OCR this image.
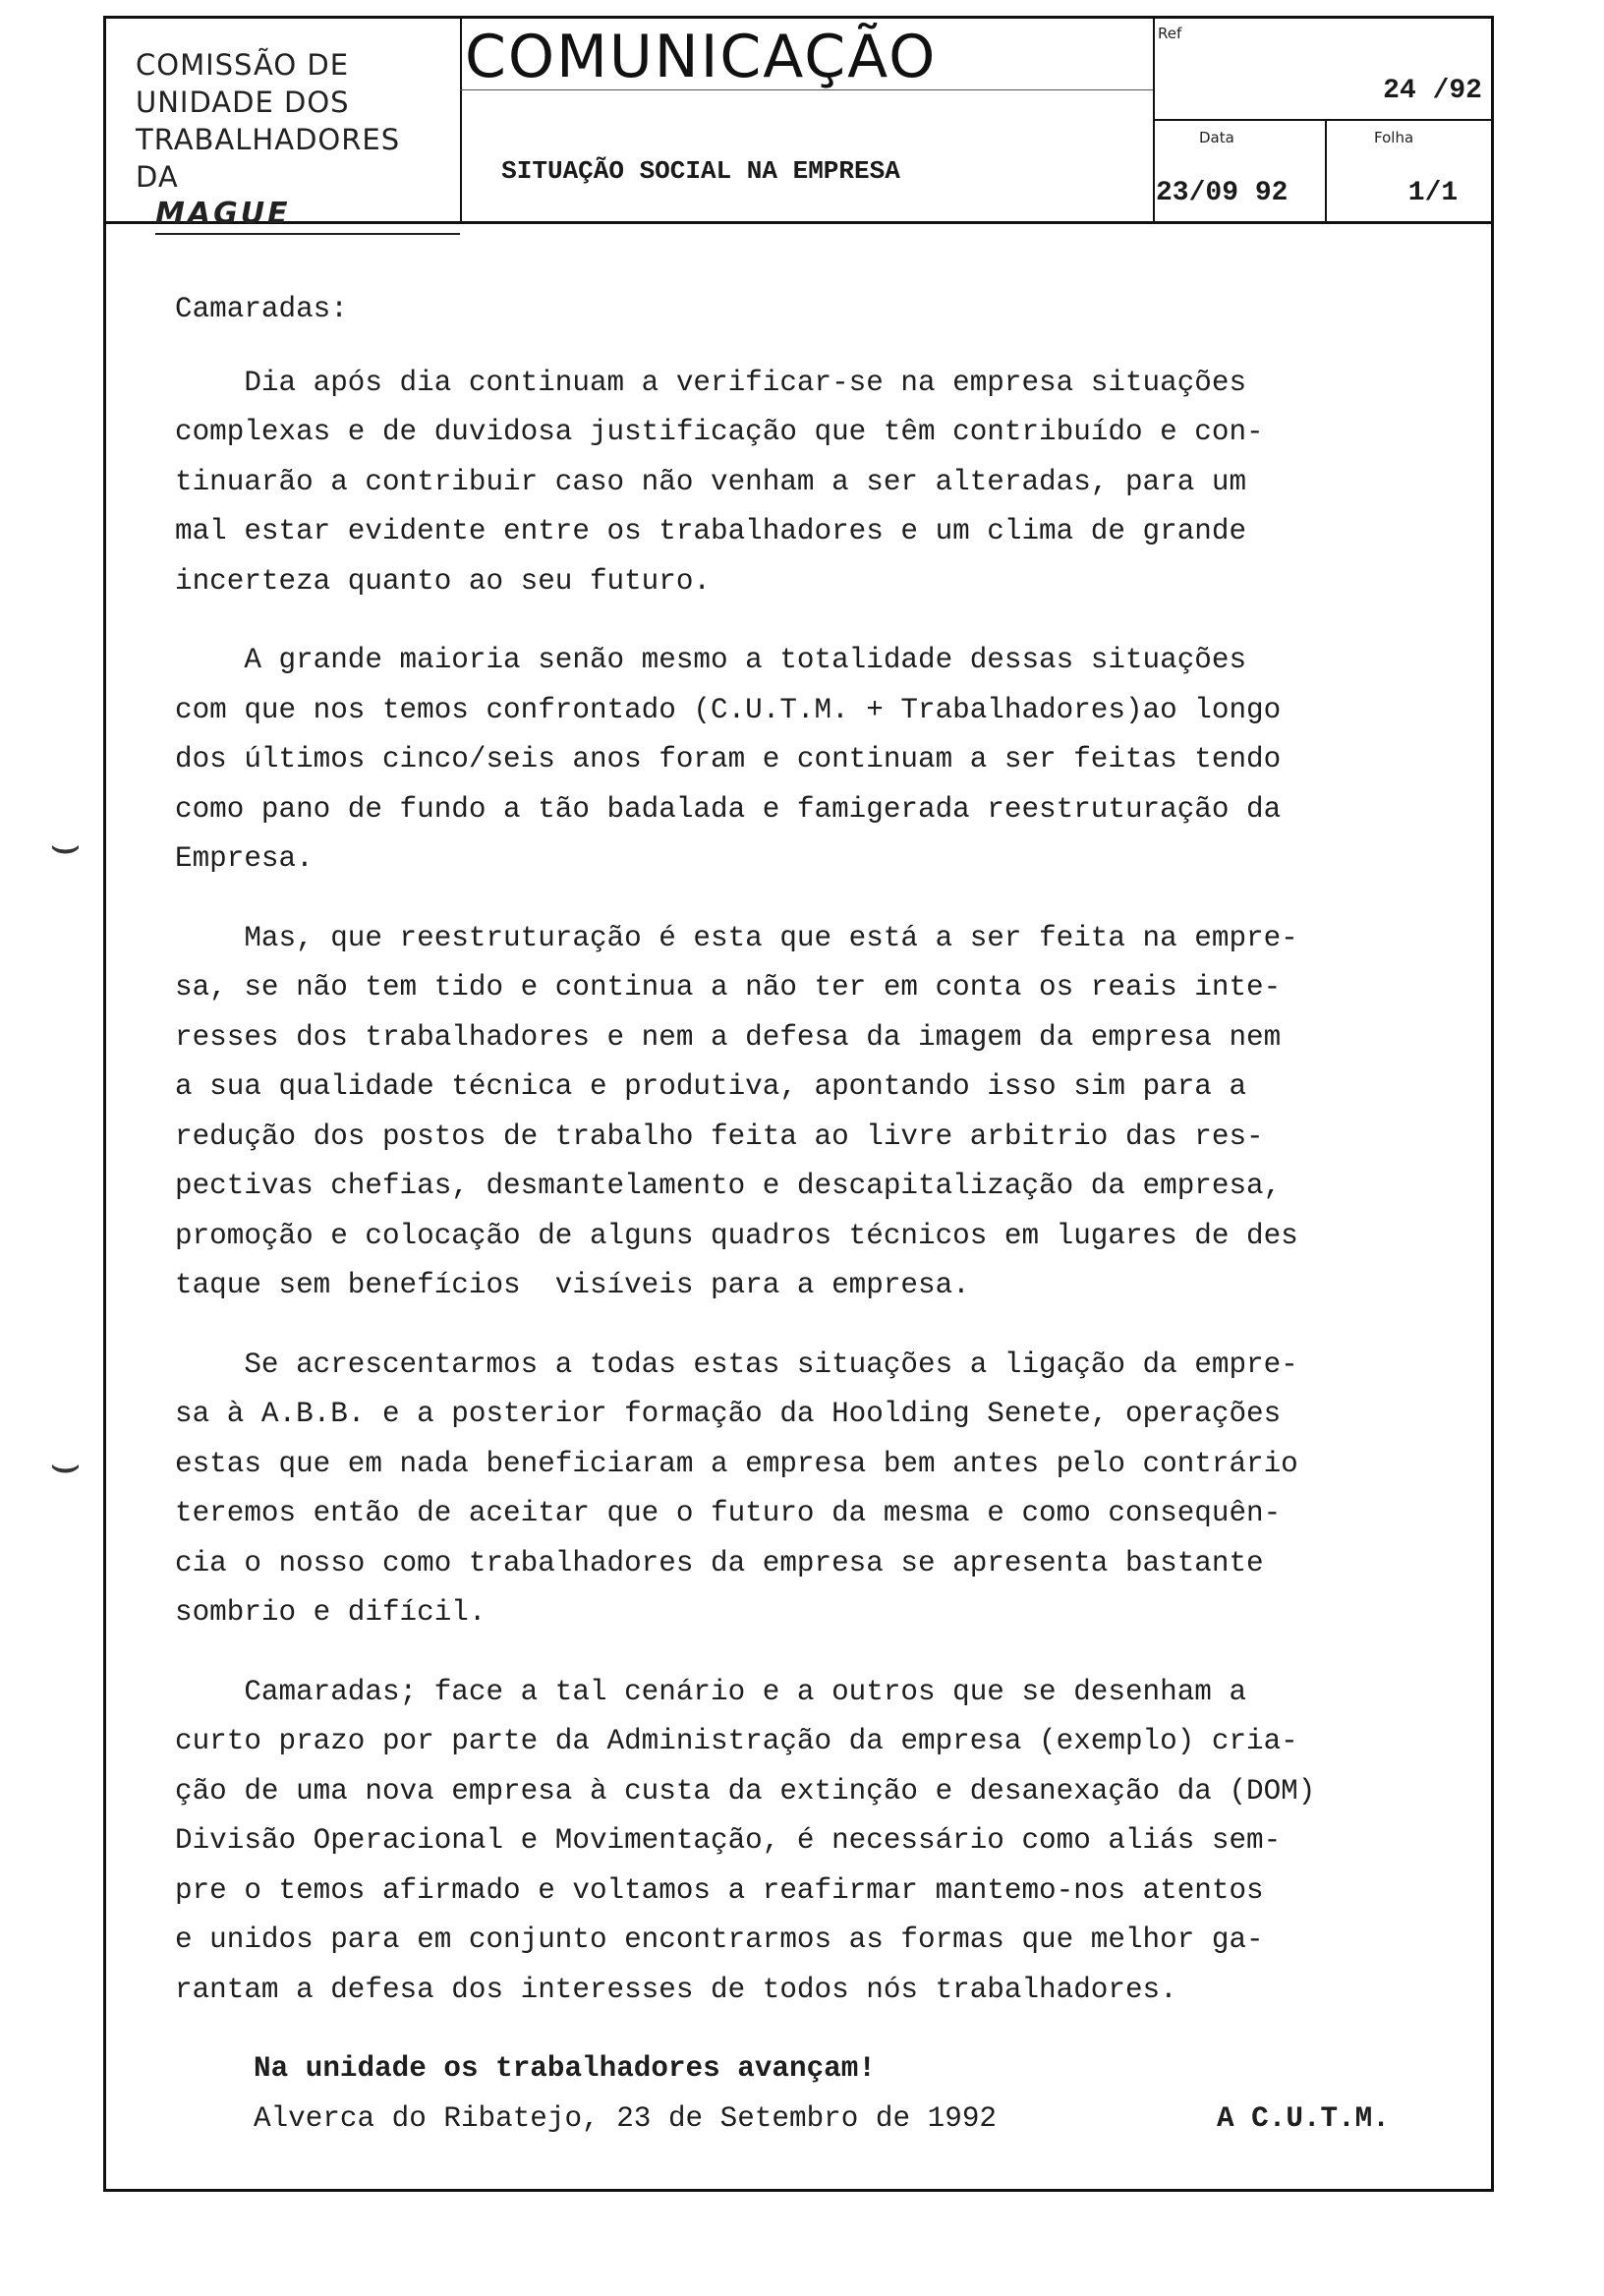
COMISSÃO DE
UNIDADE DOS
TRABALHADORES
DA
MAGUE
COMUNICAÇÃO
SITUAÇÃO SOCIAL NA EMPRESA
Ref
24 /92
Data
23/09 92
Folha
1/1
⌣
⌣
Camaradas:
Dia após dia continuam a verificar-se na empresa situações
complexas e de duvidosa justificação que têm contribuído e con-
tinuarão a contribuir caso não venham a ser alteradas, para um
mal estar evidente entre os trabalhadores e um clima de grande
incerteza quanto ao seu futuro.
A grande maioria senão mesmo a totalidade dessas situações
com que nos temos confrontado (C.U.T.M. + Trabalhadores)ao longo
dos últimos cinco/seis anos foram e continuam a ser feitas tendo
como pano de fundo a tão badalada e famigerada reestruturação da
Empresa.
Mas, que reestruturação é esta que está a ser feita na empre-
sa, se não tem tido e continua a não ter em conta os reais inte-
resses dos trabalhadores e nem a defesa da imagem da empresa nem
a sua qualidade técnica e produtiva, apontando isso sim para a
redução dos postos de trabalho feita ao livre arbitrio das res-
pectivas chefias, desmantelamento e descapitalização da empresa,
promoção e colocação de alguns quadros técnicos em lugares de des
taque sem benefícios  visíveis para a empresa.
Se acrescentarmos a todas estas situações a ligação da empre-
sa à A.B.B. e a posterior formação da Hoolding Senete, operações
estas que em nada beneficiaram a empresa bem antes pelo contrário
teremos então de aceitar que o futuro da mesma e como consequên-
cia o nosso como trabalhadores da empresa se apresenta bastante
sombrio e difícil.
Camaradas; face a tal cenário e a outros que se desenham a
curto prazo por parte da Administração da empresa (exemplo) cria-
ção de uma nova empresa à custa da extinção e desanexação da (DOM)
Divisão Operacional e Movimentação, é necessário como aliás sem-
pre o temos afirmado e voltamos a reafirmar mantemo-nos atentos
e unidos para em conjunto encontrarmos as formas que melhor ga-
rantam a defesa dos interesses de todos nós trabalhadores.
Na unidade os trabalhadores avançam!
Alverca do Ribatejo, 23 de Setembro de 1992	A C.U.T.M.
